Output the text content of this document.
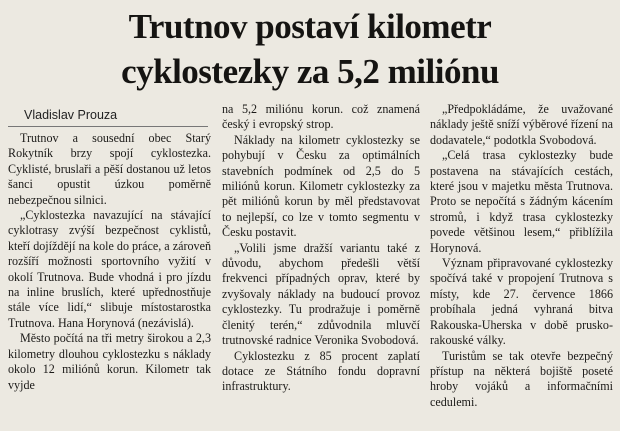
Trutnov postaví kilometr
cyklostezky za 5,2 miliónu
Vladislav Prouza

Trutnov a sousední obec Starý Rokytník brzy spojí cyklostezka. Cyklisté, bruslaři a pěší dostanou už letos šanci opustit úzkou poměrně nebezpečnou silnici.

„Cyklostezka navazující na stávající cyklotrasy zvýší bezpečnost cyklistů, kteří dojíždějí na kole do práce, a zároveň rozšíří možnosti sportovního vyžití v okolí Trutnova. Bude vhodná i pro jízdu na inline bruslích, které upřednostňuje stále více lidí,“ slibuje místostarostka Trutnova. Hana Horynová (nezávislá).

Město počítá na tři metry širokou a 2,3 kilometry dlouhou cyklostezku s náklady okolo 12 miliónů korun. Kilometr tak vyjde

na 5,2 miliónu korun. což znamená český i evropský strop.

Náklady na kilometr cyklostezky se pohybují v Česku za optimálních stavebních podmínek od 2,5 do 5 miliónů korun. Kilometr cyklostezky za pět miliónů korun by měl představovat to nejlepší, co lze v tomto segmentu v Česku postavit.

„Volili jsme dražší variantu také z důvodu, abychom předešli větší frekvenci případných oprav, které by zvyšovaly náklady na budoucí provoz cyklostezky. Tu prodražuje i poměrně členitý terén,“ zdůvodnila mluvčí trutnovské radnice Veronika Svobodová.

Cyklostezku z 85 procent zaplatí dotace ze Státního fondu dopravní infrastruktury.

„Předpokládáme, že uvažované náklady ještě sníží výběrové řízení na dodavatele,“ podotkla Svobodová.

„Celá trasa cyklostezky bude postavena na stávajících cestách, které jsou v majetku města Trutnova. Proto se nepočítá s žádným kácením stromů, i když trasa cyklostezky povede většinou lesem,“ přiblížila Horynová.

Význam připravované cyklostezky spočívá také v propojení Trutnova s místy, kde 27. července 1866 probíhala jedná vyhraná bitva Rakouska-Uherska v době prusko-rakouské války.

Turistům se tak otevře bezpečný přístup na některá bojiště poseté hroby vojáků a informačními cedulemi.
